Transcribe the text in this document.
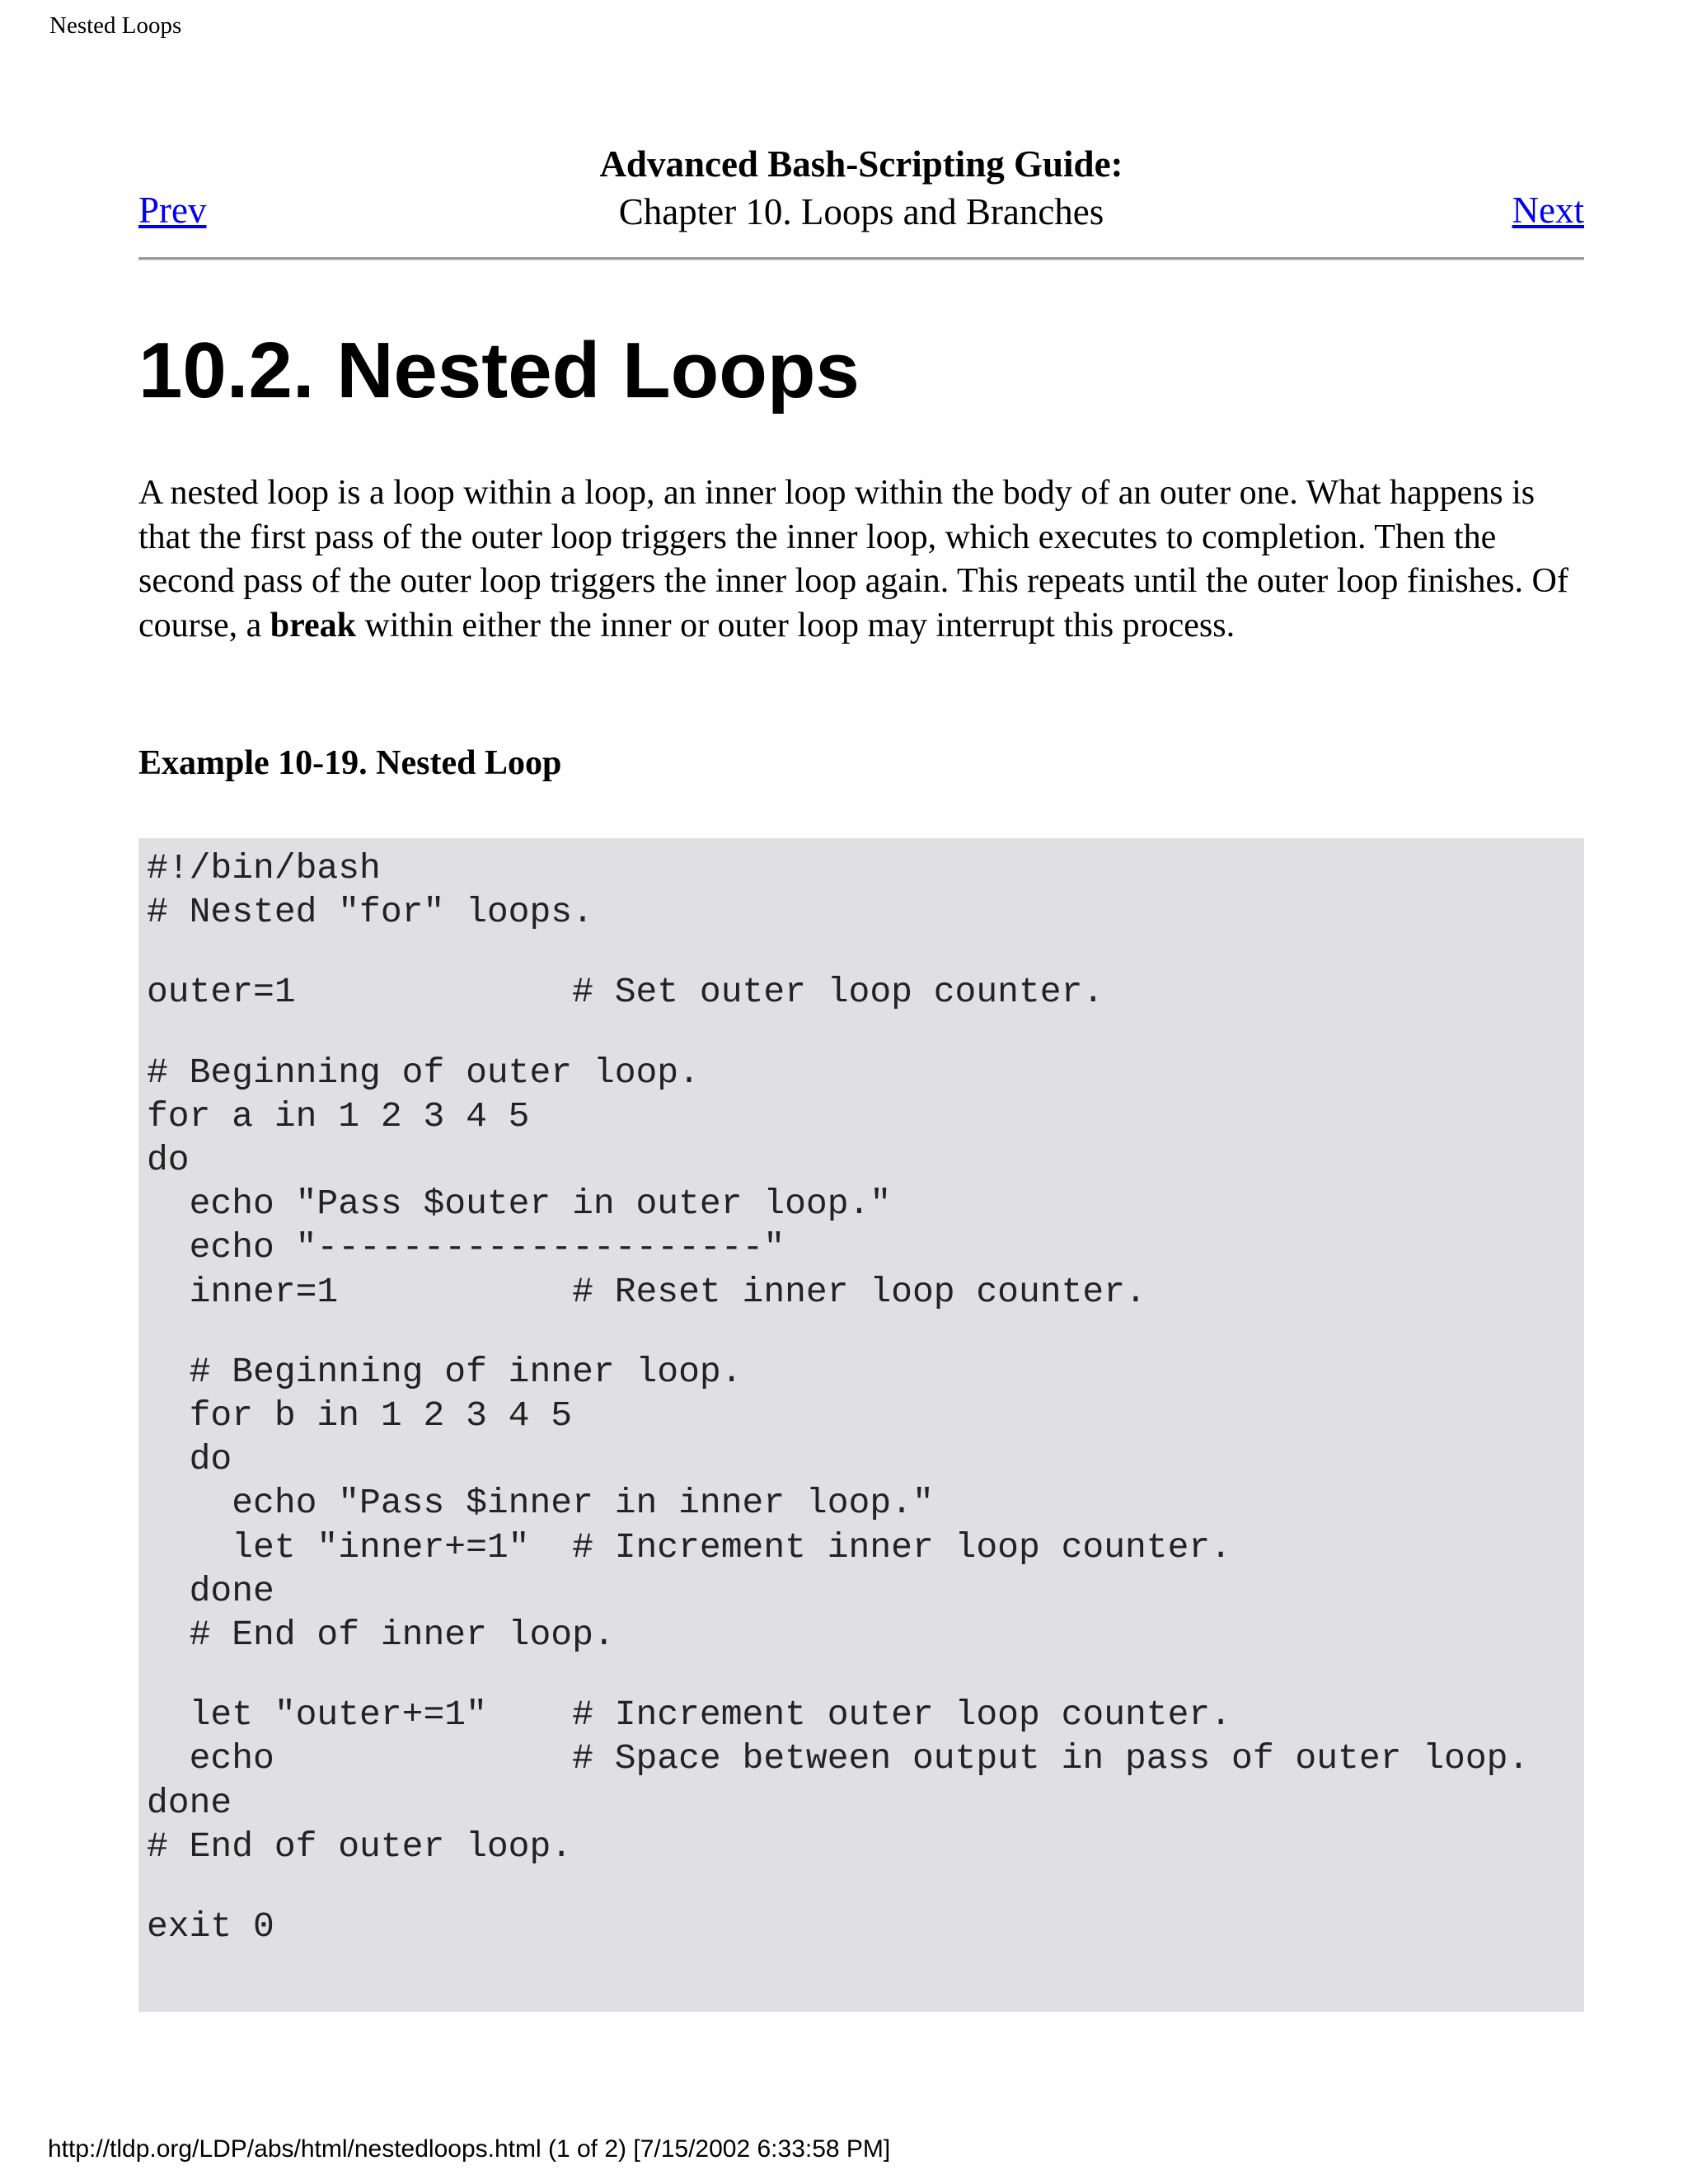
Nested Loops
Advanced Bash-Scripting Guide:
Chapter 10. Loops and Branches
Prev	Next
10.2. Nested Loops

A nested loop is a loop within a loop, an inner loop within the body of an outer one. What happens is that the first pass of the outer loop triggers the inner loop, which executes to completion. Then the second pass of the outer loop triggers the inner loop again. This repeats until the outer loop finishes. Of course, a break within either the inner or outer loop may interrupt this process.

Example 10-19. Nested Loop
#!/bin/bash
# Nested "for" loops.
outer=1             # Set outer loop counter.
# Beginning of outer loop.
for a in 1 2 3 4 5
do
echo "Pass $outer in outer loop."
echo "---------------------"
inner=1           # Reset inner loop counter.
# Beginning of inner loop.
for b in 1 2 3 4 5
do
echo "Pass $inner in inner loop."
let "inner+=1"  # Increment inner loop counter.
done
# End of inner loop.
let "outer+=1"    # Increment outer loop counter.
echo              # Space between output in pass of outer loop.
done
# End of outer loop.
exit 0
http://tldp.org/LDP/abs/html/nestedloops.html (1 of 2) [7/15/2002 6:33:58 PM]
